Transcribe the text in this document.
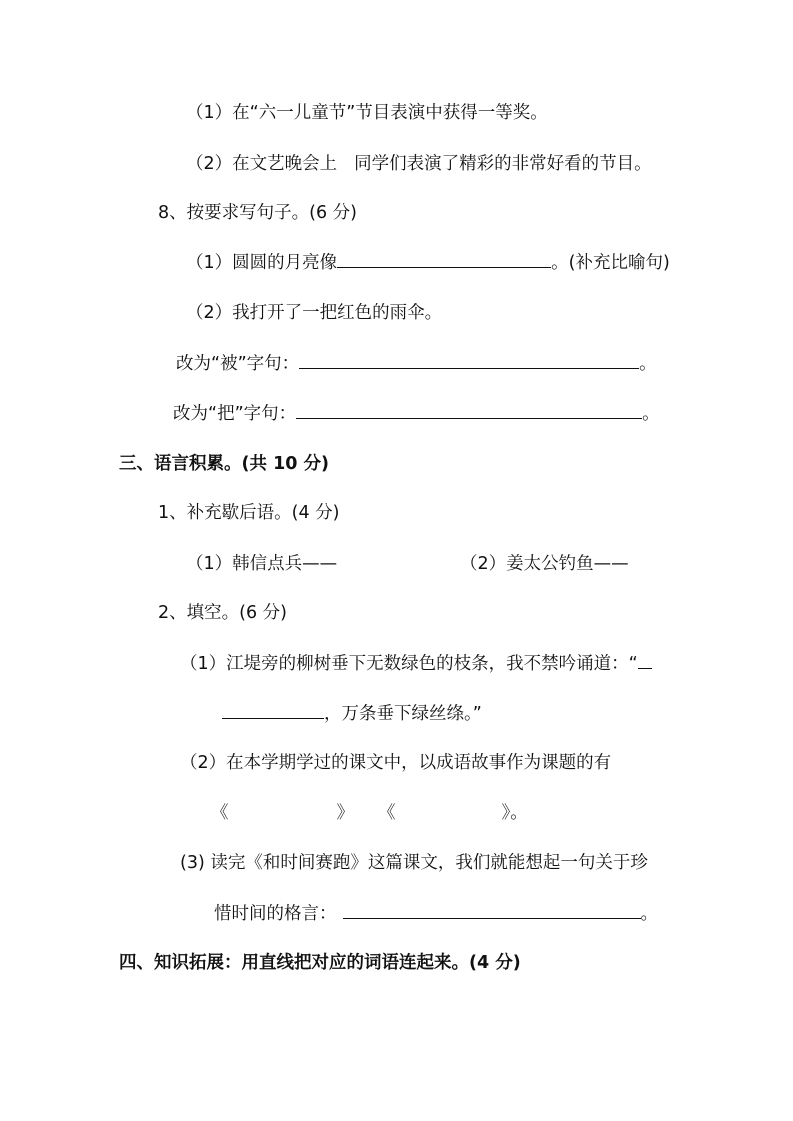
（1）在“六一儿童节”节目表演中获得一等奖。
（2）在文艺晚会上 同学们表演了精彩的非常好看的节目。
8、按要求写句子。(6 分)
（1）圆圆的月亮像	。(补充比喻句)
（2）我打开了一把红色的雨伞。
改为“被”字句：	。
改为“把”字句：	。
三、语言积累。(共 10 分)
1、补充歇后语。(4 分)
（1）韩信点兵——	（2）姜太公钓鱼——
2、填空。(6 分)
（1）江堤旁的柳树垂下无数绿色的枝条，我不禁吟诵道：“
，万条垂下绿丝绦。”
（2）在本学期学过的课文中，以成语故事作为课题的有
《	》 《	》。
(3) 读完《和时间赛跑》这篇课文，我们就能想起一句关于珍
惜时间的格言：	。
四、知识拓展：用直线把对应的词语连起来。(4 分)
